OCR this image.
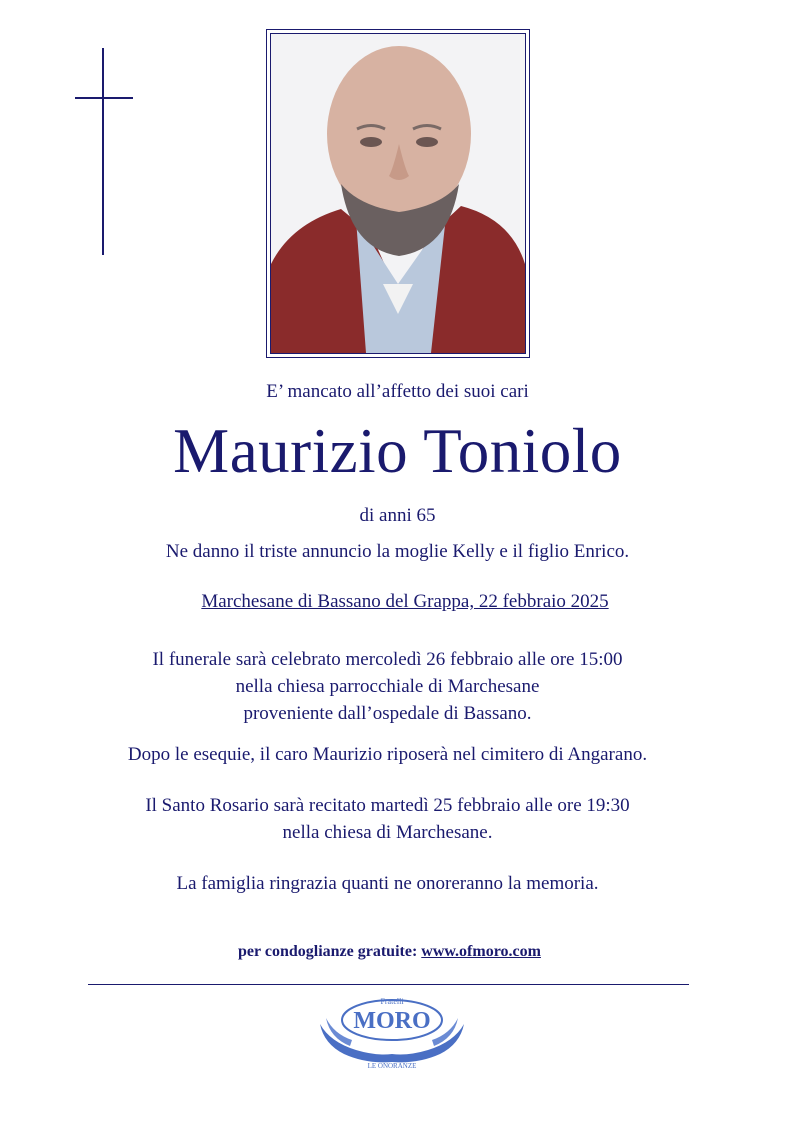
E’ mancato all’affetto dei suoi cari
Maurizio Toniolo
di anni 65
Ne danno il triste annuncio la moglie Kelly e il figlio Enrico.
Marchesane di Bassano del Grappa, 22 febbraio 2025
Il funerale sarà celebrato mercoledì 26 febbraio alle ore 15:00
nella chiesa parrocchiale di Marchesane
proveniente dall’ospedale di Bassano.
Dopo le esequie, il caro Maurizio riposerà nel cimitero di Angarano.
Il Santo Rosario sarà recitato martedì 25 febbraio alle ore 19:30
nella chiesa di Marchesane.
La famiglia ringrazia quanti ne onoreranno la memoria.
per condoglianze gratuite: www.ofmoro.com
Fratelli
MORO
LE ONORANZE
